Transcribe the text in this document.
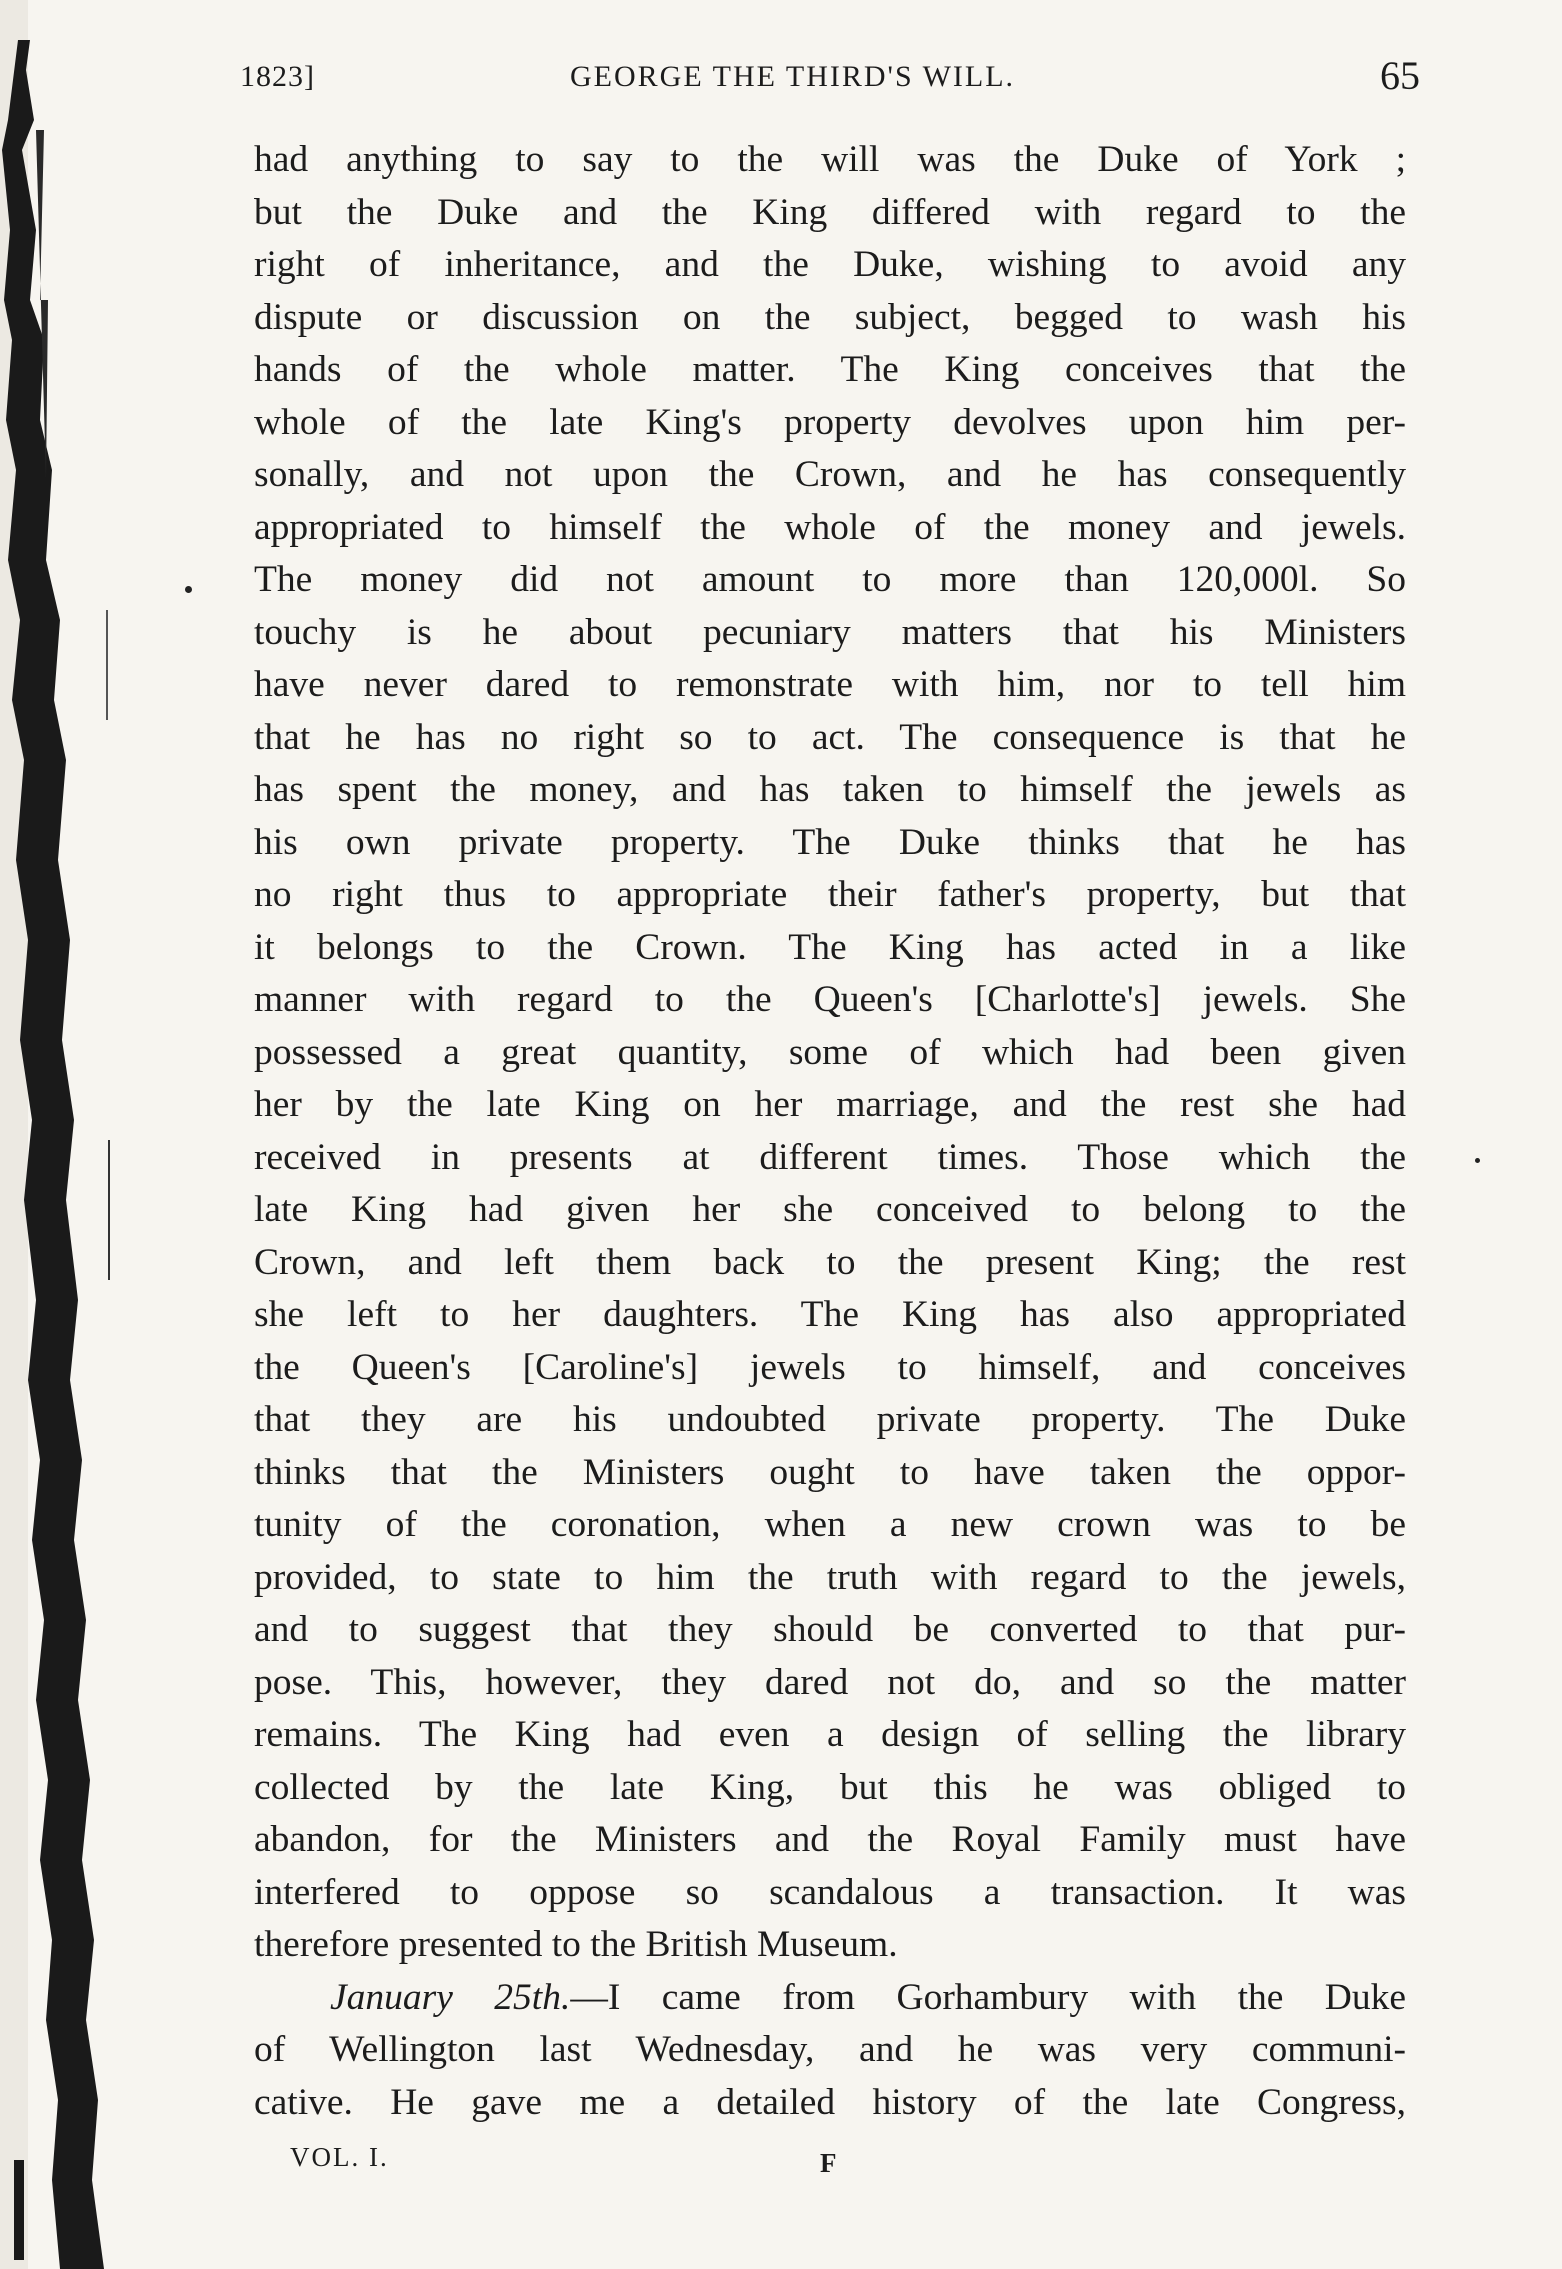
1823]	GEORGE THE THIRD'S WILL.	65
had anything to say to the will was the Duke of York ;
but the Duke and the King differed with regard to the
right of inheritance, and the Duke, wishing to avoid any
dispute or discussion on the subject, begged to wash his
hands of the whole matter. The King conceives that the
whole of the late King's property devolves upon him per-
sonally, and not upon the Crown, and he has consequently
appropriated to himself the whole of the money and jewels.
The money did not amount to more than 120,000l. So
touchy is he about pecuniary matters that his Ministers
have never dared to remonstrate with him, nor to tell him
that he has no right so to act. The consequence is that he
has spent the money, and has taken to himself the jewels as
his own private property. The Duke thinks that he has
no right thus to appropriate their father's property, but that
it belongs to the Crown. The King has acted in a like
manner with regard to the Queen's [Charlotte's] jewels. She
possessed a great quantity, some of which had been given
her by the late King on her marriage, and the rest she had
received in presents at different times. Those which the
late King had given her she conceived to belong to the
Crown, and left them back to the present King; the rest
she left to her daughters. The King has also appropriated
the Queen's [Caroline's] jewels to himself, and conceives
that they are his undoubted private property. The Duke
thinks that the Ministers ought to have taken the oppor-
tunity of the coronation, when a new crown was to be
provided, to state to him the truth with regard to the jewels,
and to suggest that they should be converted to that pur-
pose. This, however, they dared not do, and so the matter
remains. The King had even a design of selling the library
collected by the late King, but this he was obliged to
abandon, for the Ministers and the Royal Family must have
interfered to oppose so scandalous a transaction. It was
therefore presented to the British Museum.
January 25th.—I came from Gorhambury with the Duke
of Wellington last Wednesday, and he was very communi-
cative. He gave me a detailed history of the late Congress,
VOL. I.	F
